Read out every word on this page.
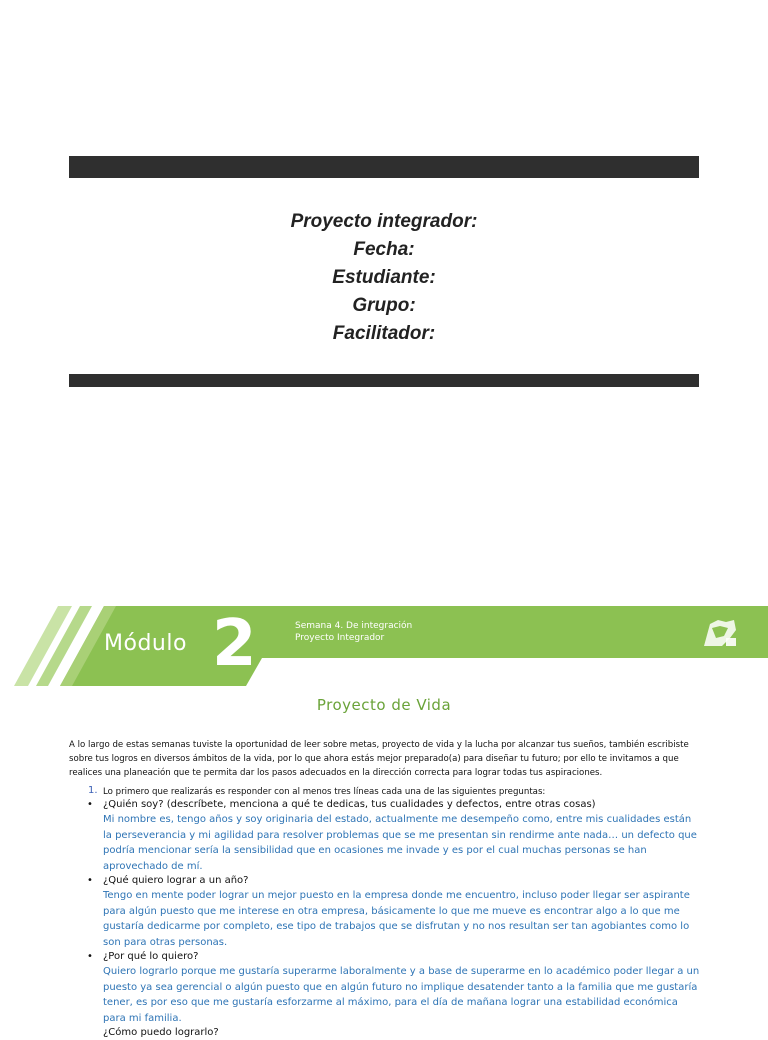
Proyecto integrador:
Fecha:
Estudiante:
Grupo:
Facilitador:
Módulo 2	Semana 4. De integración
Proyecto Integrador
Proyecto de Vida

A lo largo de estas semanas tuviste la oportunidad de leer sobre metas, proyecto de vida y la lucha por alcanzar tus sueños, también escribiste sobre tus logros en diversos ámbitos de la vida, por lo que ahora estás mejor preparado(a) para diseñar tu futuro; por ello te invitamos a que realices una planeación que te permita dar los pasos adecuados en la dirección correcta para lograr todas tus aspiraciones.

1. Lo primero que realizarás es responder con al menos tres líneas cada una de las siguientes preguntas:
• ¿Quién soy? (descríbete, menciona a qué te dedicas, tus cualidades y defectos, entre otras cosas)

Mi nombre es, tengo años y soy originaria del estado, actualmente me desempeño como, entre mis cualidades están la perseverancia y mi agilidad para resolver problemas que se me presentan sin rendirme ante nada… un defecto que podría mencionar sería la sensibilidad que en ocasiones me invade y es por el cual muchas personas se han aprovechado de mí.

• ¿Qué quiero lograr a un año?

Tengo en mente poder lograr un mejor puesto en la empresa donde me encuentro, incluso poder llegar ser aspirante para algún puesto que me interese en otra empresa, básicamente lo que me mueve es encontrar algo a lo que me gustaría dedicarme por completo, ese tipo de trabajos que se disfrutan y no nos resultan ser tan agobiantes como lo son para otras personas.

• ¿Por qué lo quiero?

Quiero lograrlo porque me gustaría superarme laboralmente y a base de superarme en lo académico poder llegar a un puesto ya sea gerencial o algún puesto que en algún futuro no implique desatender tanto a la familia que me gustaría tener, es por eso que me gustaría esforzarme al máximo, para el día de mañana lograr una estabilidad económica para mi familia.

¿Cómo puedo lograrlo?
